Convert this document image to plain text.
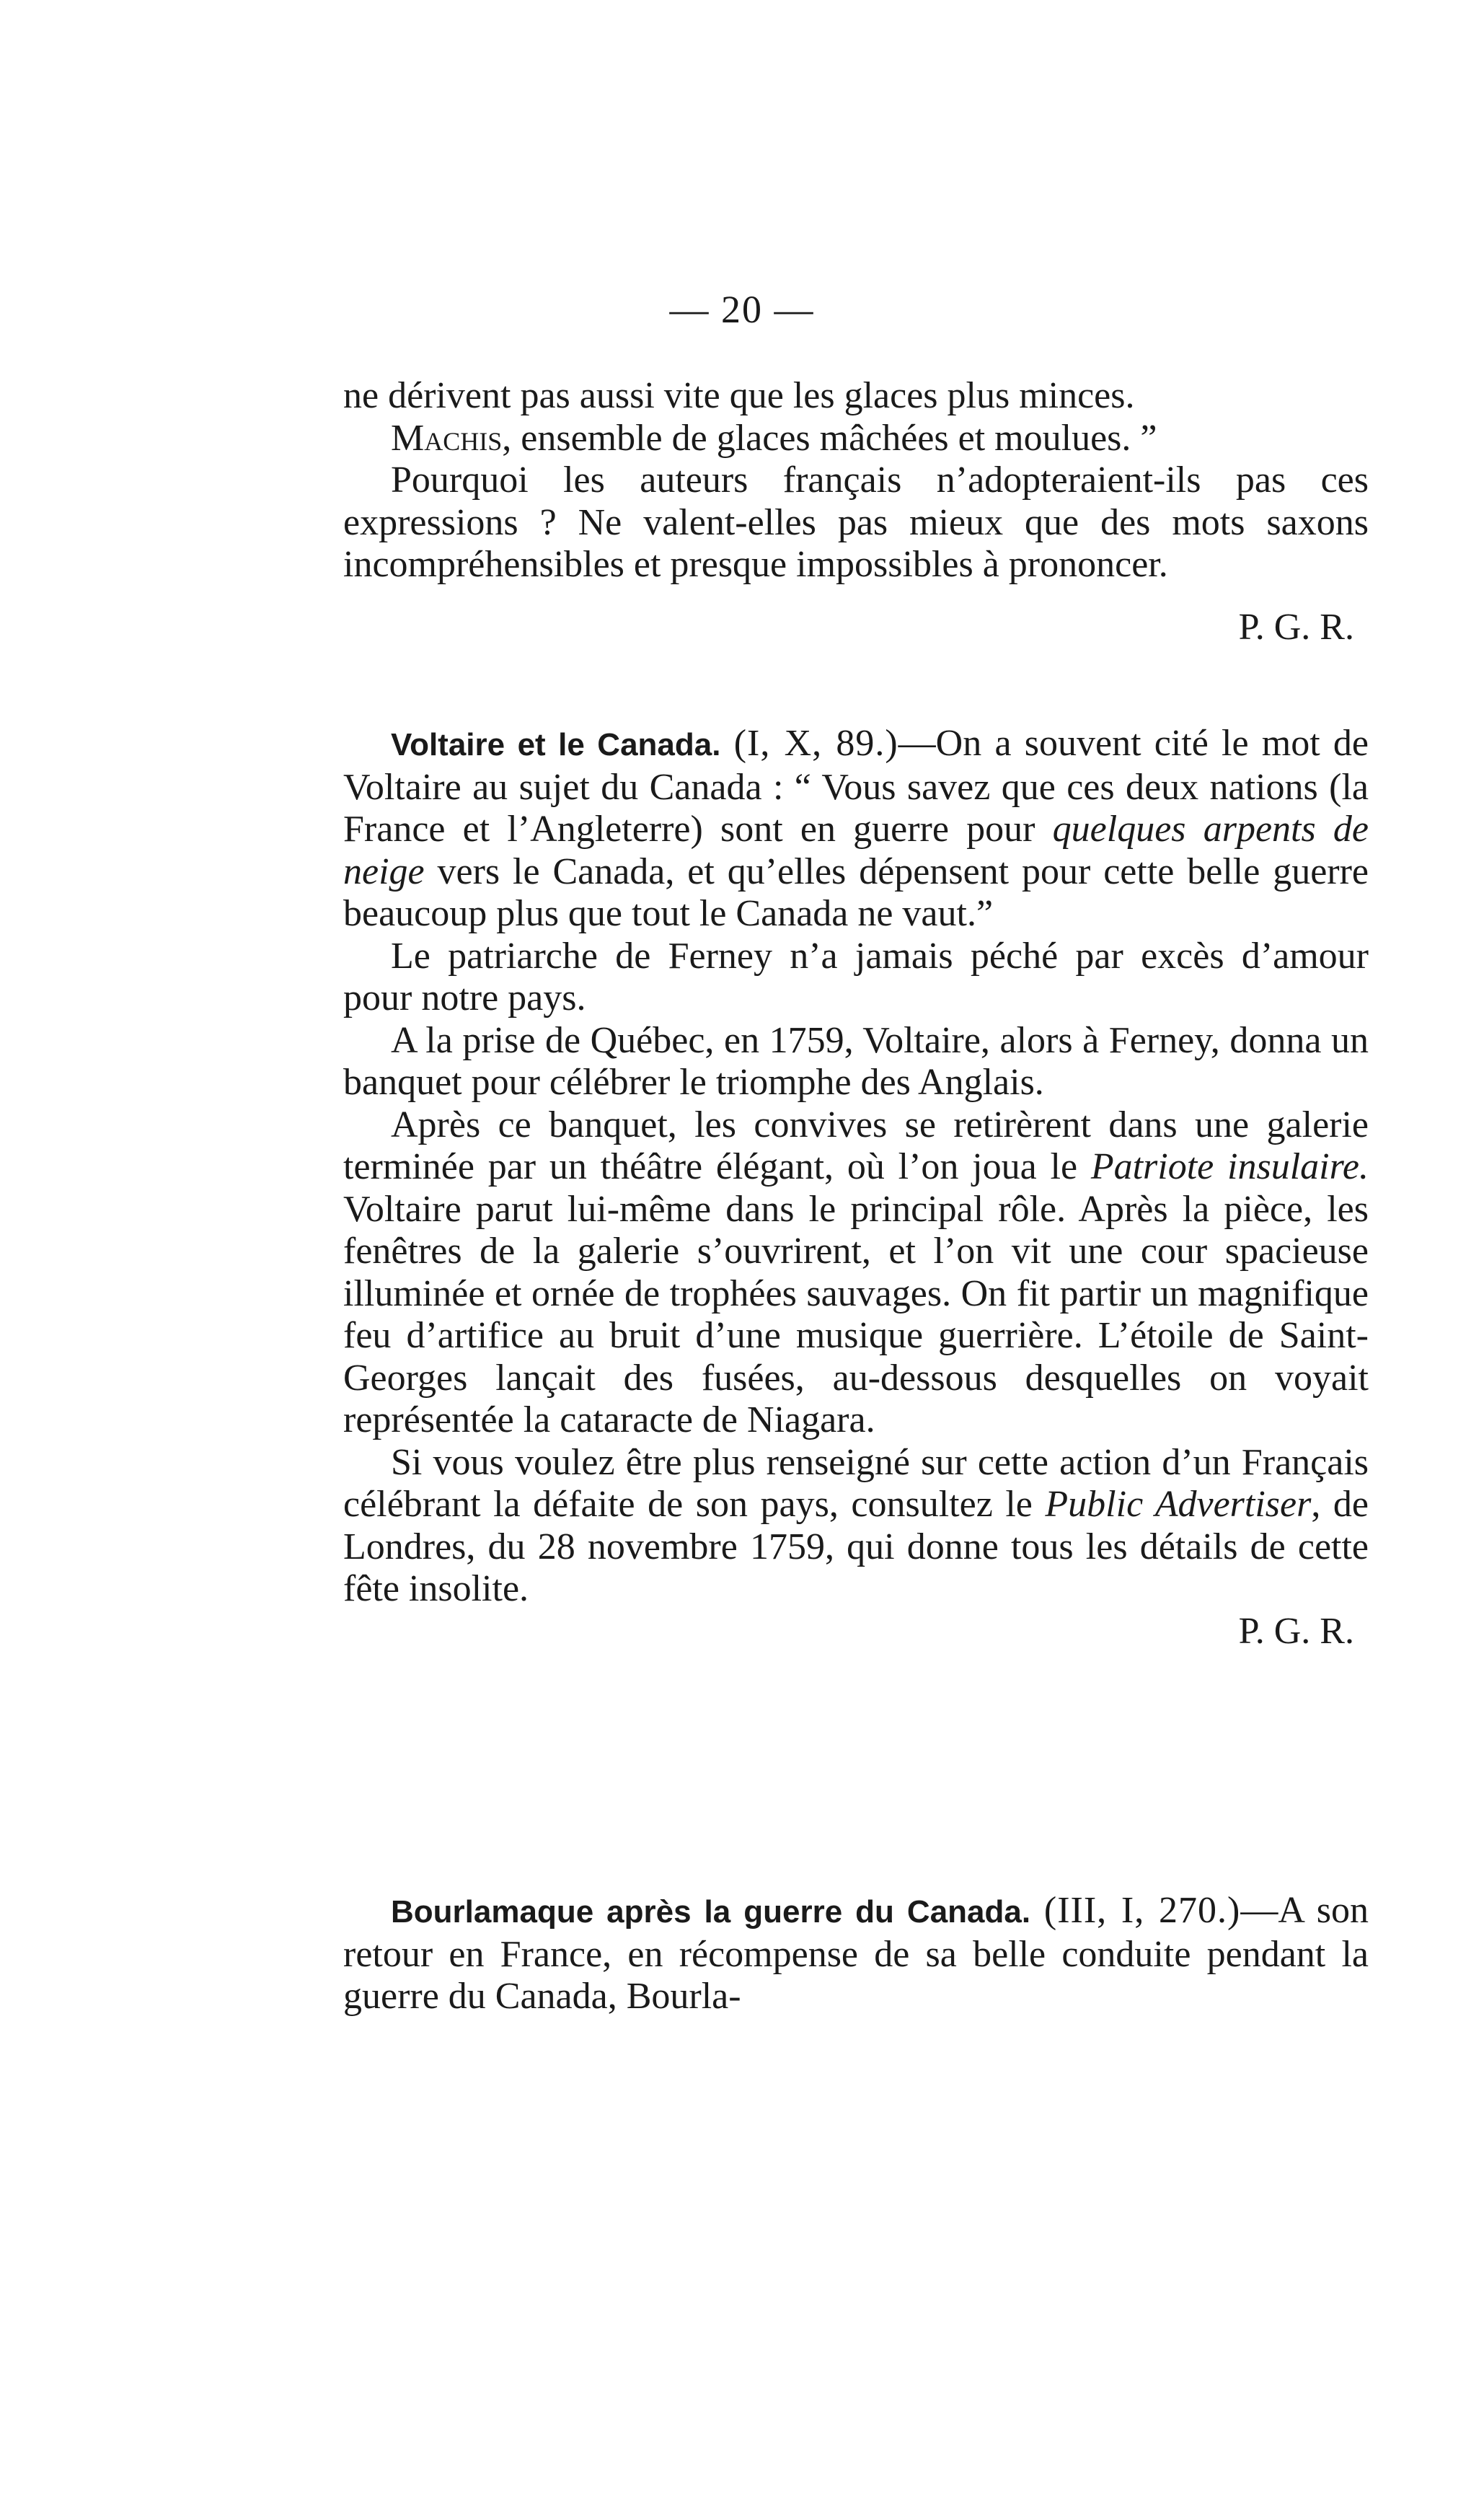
— 20 —

ne dérivent pas aussi vite que les glaces plus minces.

Machis, ensemble de glaces mâchées et moulues. ”

Pourquoi les auteurs français n’adopteraient-ils pas ces expressions ? Ne valent-elles pas mieux que des mots saxons incompréhensibles et presque impossibles à prononcer.

P. G. R.

Voltaire et le Canada. (I, X, 89.)—On a souvent cité le mot de Voltaire au sujet du Canada : “ Vous savez que ces deux nations (la France et l’Angleterre) sont en guerre pour quelques arpents de neige vers le Canada, et qu’elles dépensent pour cette belle guerre beaucoup plus que tout le Canada ne vaut.”

Le patriarche de Ferney n’a jamais péché par excès d’amour pour notre pays.

A la prise de Québec, en 1759, Voltaire, alors à Ferney, donna un banquet pour célébrer le triomphe des Anglais.

Après ce banquet, les convives se retirèrent dans une galerie terminée par un théâtre élégant, où l’on joua le Patriote insulaire. Voltaire parut lui-même dans le principal rôle. Après la pièce, les fenêtres de la galerie s’ouvrirent, et l’on vit une cour spacieuse illuminée et ornée de trophées sauvages. On fit partir un magnifique feu d’artifice au bruit d’une musique guerrière. L’étoile de Saint-Georges lançait des fusées, au-dessous desquelles on voyait représentée la cataracte de Niagara.

Si vous voulez être plus renseigné sur cette action d’un Français célébrant la défaite de son pays, consultez le Public Advertiser, de Londres, du 28 novembre 1759, qui donne tous les détails de cette fête insolite.

P. G. R.

Bourlamaque après la guerre du Canada. (III, I, 270.)—A son retour en France, en récompense de sa belle conduite pendant la guerre du Canada, Bourla-
